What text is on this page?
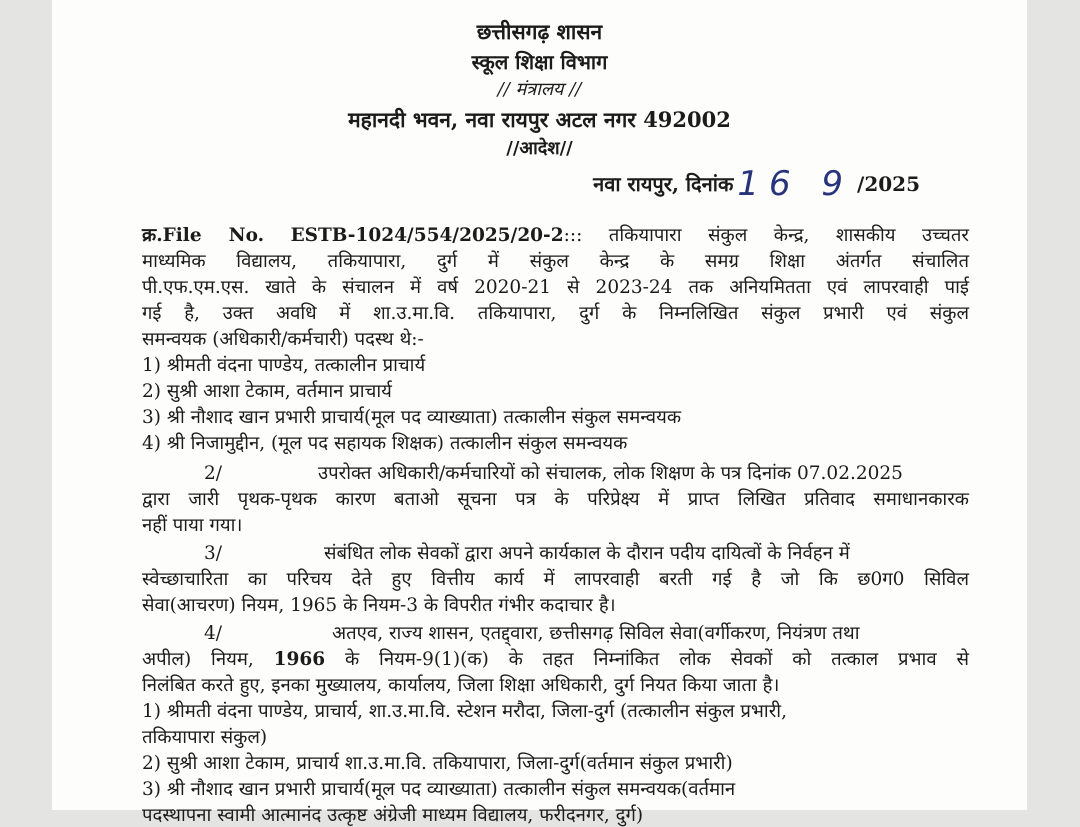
छत्तीसगढ़ शासन
स्कूल शिक्षा विभाग
// मंत्रालय //
महानदी भवन, नवा रायपुर अटल नगर 492002
//आदेश//
नवा रायपुर, दिनांक 16 9 /2025
क्र.File No. ESTB-1024/554/2025/20-2::: तकियापारा संकुल केन्द्र, शासकीय उच्चतर
माध्यमिक विद्यालय, तकियापारा, दुर्ग में संकुल केन्द्र के समग्र शिक्षा अंतर्गत संचालित
पी.एफ.एम.एस. खाते के संचालन में वर्ष 2020-21 से 2023-24 तक अनियमितता एवं लापरवाही पाई
गई है, उक्त अवधि में शा.उ.मा.वि. तकियापारा, दुर्ग के निम्नलिखित संकुल प्रभारी एवं संकुल
समन्वयक (अधिकारी/कर्मचारी) पदस्थ थे:-
1) श्रीमती वंदना पाण्डेय, तत्कालीन प्राचार्य
2) सुश्री आशा टेकाम, वर्तमान प्राचार्य
3) श्री नौशाद खान प्रभारी प्राचार्य(मूल पद व्याख्याता) तत्कालीन संकुल समन्वयक
4) श्री निजामुद्दीन, (मूल पद सहायक शिक्षक) तत्कालीन संकुल समन्वयक
2/	उपरोक्त अधिकारी/कर्मचारियों को संचालक, लोक शिक्षण के पत्र दिनांक 07.02.2025
द्वारा जारी पृथक-पृथक कारण बताओ सूचना पत्र के परिप्रेक्ष्य में प्राप्त लिखित प्रतिवाद समाधानकारक
नहीं पाया गया।
3/	संबंधित लोक सेवकों द्वारा अपने कार्यकाल के दौरान पदीय दायित्वों के निर्वहन में
स्वेच्छाचारिता का परिचय देते हुए वित्तीय कार्य में लापरवाही बरती गई है जो कि छ0ग0 सिविल
सेवा(आचरण) नियम, 1965 के नियम-3 के विपरीत गंभीर कदाचार है।
4/	अतएव, राज्य शासन, एतद्द्वारा, छत्तीसगढ़ सिविल सेवा(वर्गीकरण, नियंत्रण तथा
अपील) नियम, 1966 के नियम-9(1)(क) के तहत निम्नांकित लोक सेवकों को तत्काल प्रभाव से
निलंबित करते हुए, इनका मुख्यालय, कार्यालय, जिला शिक्षा अधिकारी, दुर्ग नियत किया जाता है।
1) श्रीमती वंदना पाण्डेय, प्राचार्य, शा.उ.मा.वि. स्टेशन मरौदा, जिला-दुर्ग (तत्कालीन संकुल प्रभारी,
तकियापारा संकुल)
2) सुश्री आशा टेकाम, प्राचार्य शा.उ.मा.वि. तकियापारा, जिला-दुर्ग(वर्तमान संकुल प्रभारी)
3) श्री नौशाद खान प्रभारी प्राचार्य(मूल पद व्याख्याता) तत्कालीन संकुल समन्वयक(वर्तमान
पदस्थापना स्वामी आत्मानंद उत्कृष्ट अंग्रेजी माध्यम विद्यालय, फरीदनगर, दुर्ग)
